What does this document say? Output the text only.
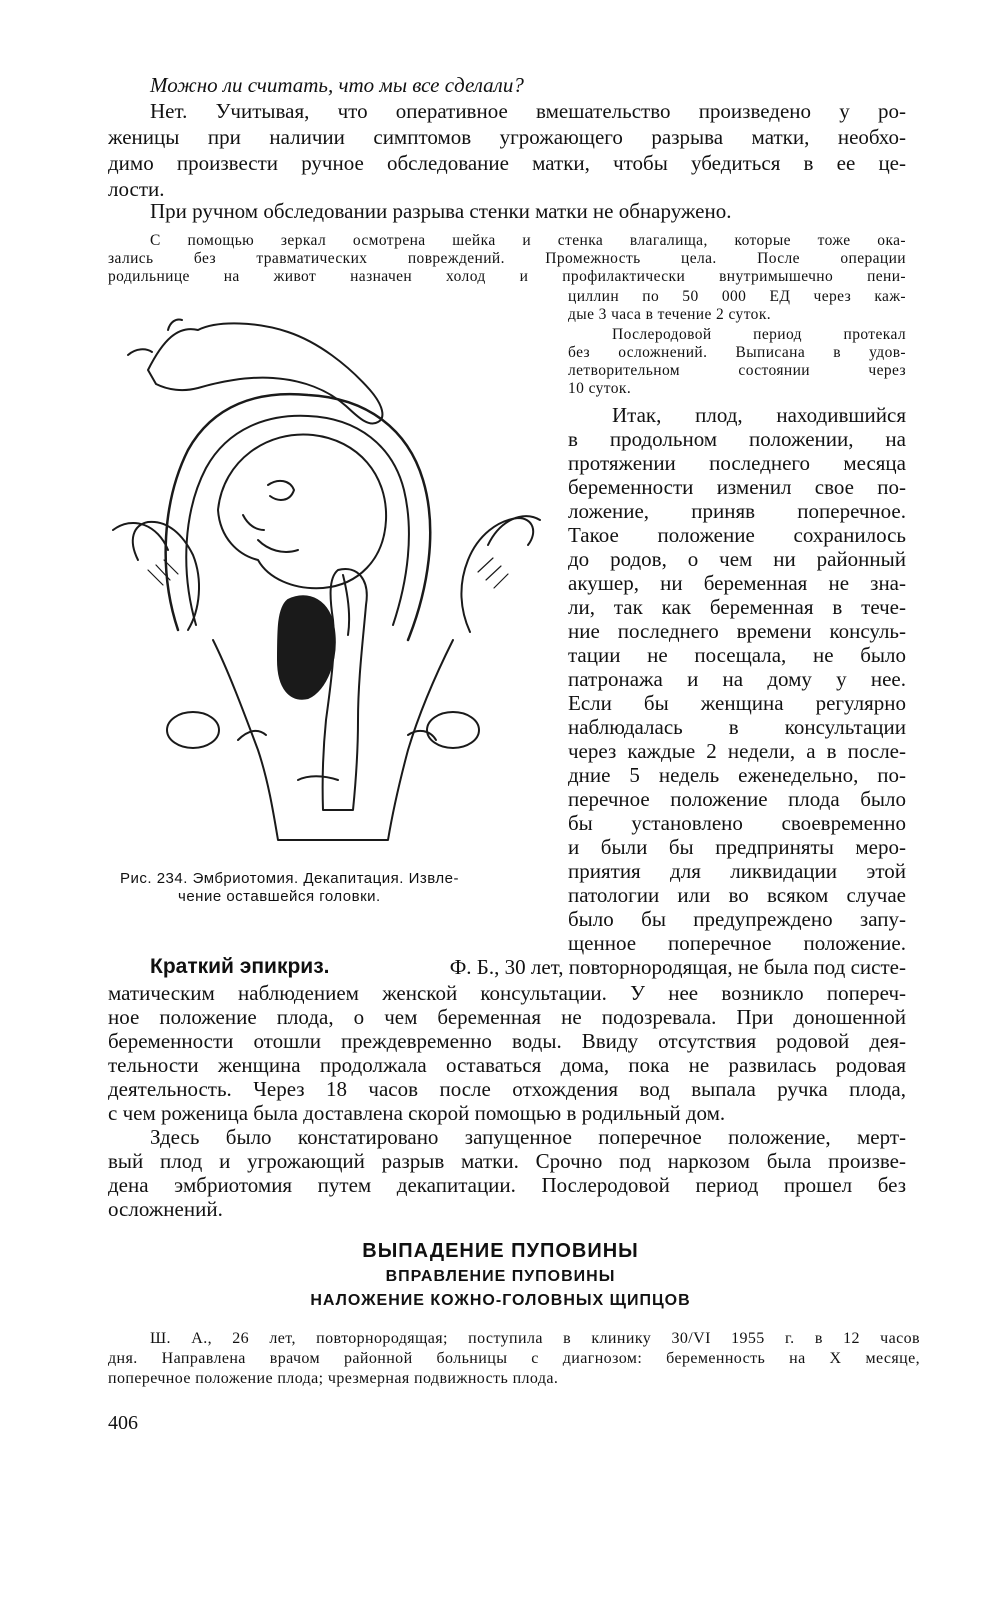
Можно ли считать, что мы все сделали?
Нет. Учитывая, что оперативное вмешательство произведено у ро-
женицы при наличии симптомов угрожающего разрыва матки, необхо-
димо произвести ручное обследование матки, чтобы убедиться в ее це-
лости.
При ручном обследовании разрыва стенки матки не обнаружено.
С помощью зеркал осмотрена шейка и стенка влагалища, которые тоже ока-
зались без травматических повреждений. Промежность цела. После операции
родильнице на живот назначен холод и профилактически внутримышечно пени-
циллин по 50 000 ЕД через каж-
дые 3 часа в течение 2 суток.
Послеродовой период протекал
без осложнений. Выписана в удов-
летворительном состоянии через
10 суток.
Итак, плод, находившийся
в продольном положении, на
протяжении последнего месяца
беременности изменил свое по-
ложение, приняв поперечное.
Такое положение сохранилось
до родов, о чем ни районный
акушер, ни беременная не зна-
ли, так как беременная в тече-
ние последнего времени консуль-
тации не посещала, не было
патронажа и на дому у нее.
Если бы женщина регулярно
наблюдалась в консультации
через каждые 2 недели, а в после-
дние 5 недель еженедельно, по-
перечное положение плода было
бы установлено своевременно
и были бы предприняты меро-
приятия для ликвидации этой
патологии или во всяком случае
было бы предупреждено запу-
щенное поперечное положение.
Рис. 234. Эмбриотомия. Декапитация. Извле-
чение оставшейся головки.
Краткий эпикриз.	Ф. Б., 30 лет, повторнородящая, не была под систе-
матическим наблюдением женской консультации. У нее возникло попереч-
ное положение плода, о чем беременная не подозревала. При доношенной
беременности отошли преждевременно воды. Ввиду отсутствия родовой дея-
тельности женщина продолжала оставаться дома, пока не развилась родовая
деятельность. Через 18 часов после отхождения вод выпала ручка плода,
с чем роженица была доставлена скорой помощью в родильный дом.
Здесь было констатировано запущенное поперечное положение, мерт-
вый плод и угрожающий разрыв матки. Срочно под наркозом была произве-
дена эмбриотомия путем декапитации. Послеродовой период прошел без
осложнений.
ВЫПАДЕНИЕ ПУПОВИНЫ
ВПРАВЛЕНИЕ ПУПОВИНЫ
НАЛОЖЕНИЕ КОЖНО-ГОЛОВНЫХ ЩИПЦОВ
Ш. А., 26 лет, повторнородящая; поступила в клинику 30/VI 1955 г. в 12 часов
дня. Направлена врачом районной больницы с диагнозом: беременность на X месяце,
поперечное положение плода; чрезмерная подвижность плода.
406
